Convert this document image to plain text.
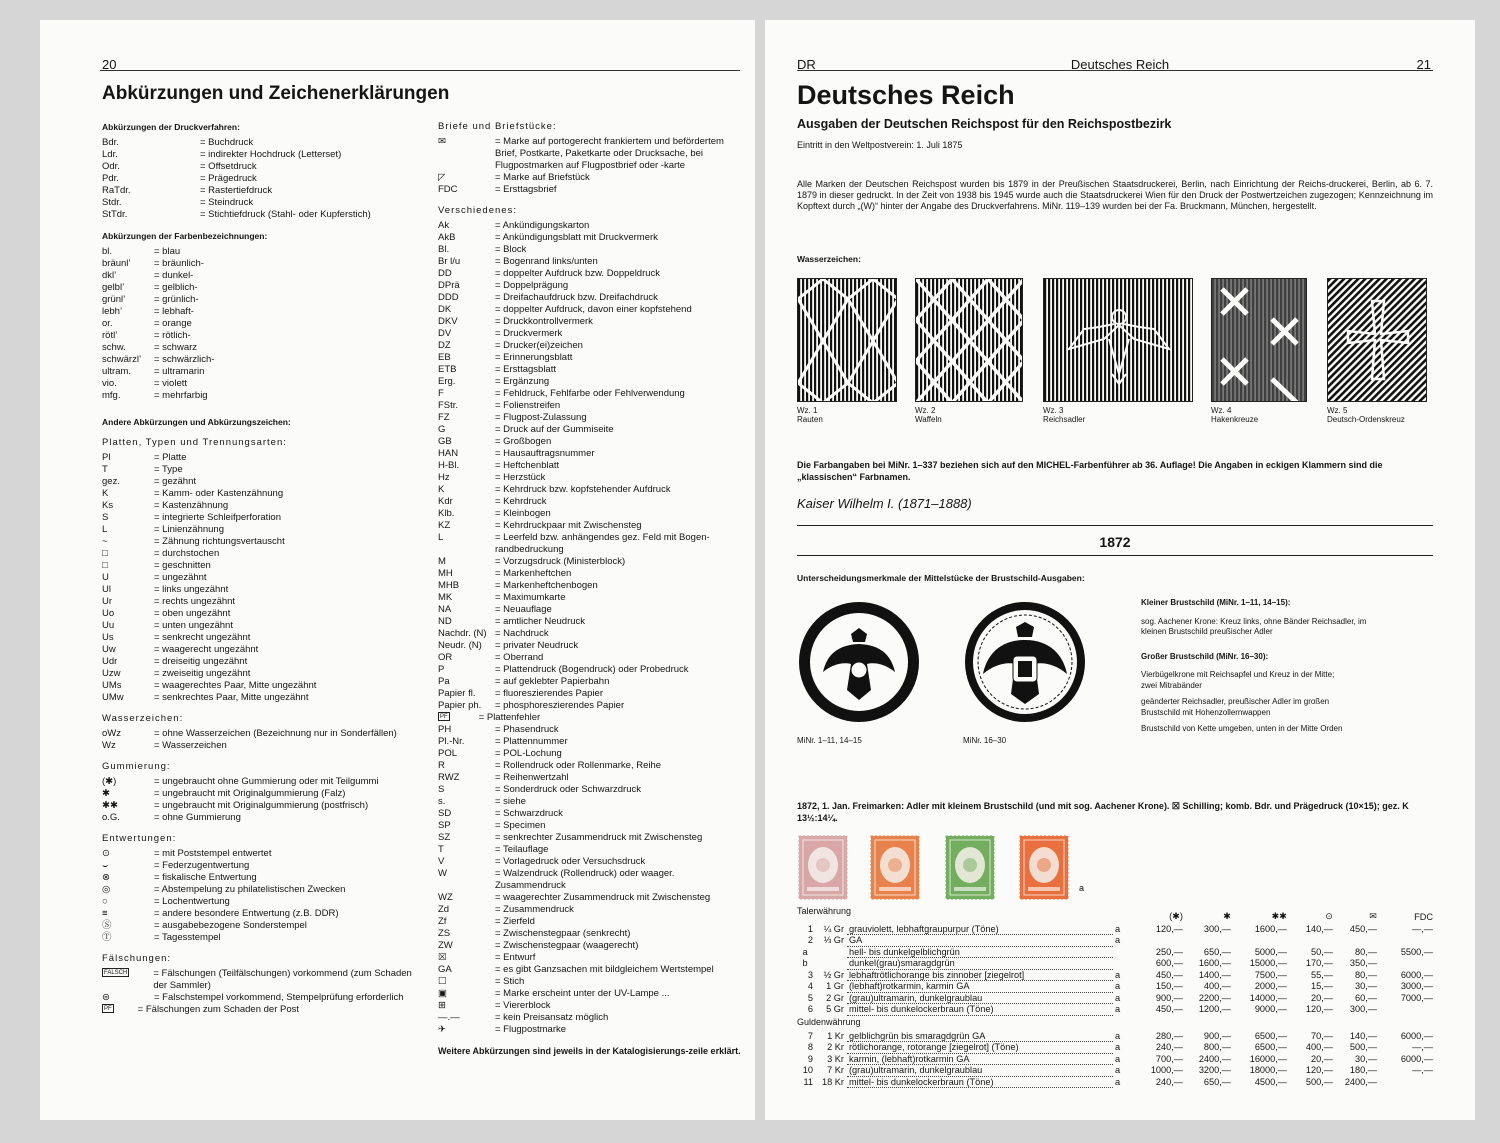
20
Abkürzungen und Zeichenerklärungen
Abkürzungen der Druckverfahren:
Bdr.	= Buchdruck
Ldr.	= indirekter Hochdruck (Letterset)
Odr.	= Offsetdruck
Pdr.	= Prägedruck
RaTdr.	= Rastertiefdruck
Stdr.	= Steindruck
StTdr.	= Stichtiefdruck (Stahl- oder Kupferstich)
Abkürzungen der Farbenbezeichnungen:
bl.	= blau
bräunl’	= bräunlich-
dkl’	= dunkel-
gelbl’	= gelblich-
grünl’	= grünlich-
lebh’	= lebhaft-
or.	= orange
rötl’	= rötlich-
schw.	= schwarz
schwärzl’	= schwärzlich-
ultram.	= ultramarin
vio.	= violett
mfg.	= mehrfarbig
Andere Abkürzungen und Abkürzungszeichen:
Platten, Typen und Trennungsarten:
Pl	= Platte
T	= Type
gez.	= gezähnt
K	= Kamm- oder Kastenzähnung
Ks	= Kastenzähnung
S	= integrierte Schleifperforation
L	= Linienzähnung
~	= Zähnung richtungsvertauscht
□	= durchstochen
□	= geschnitten
U	= ungezähnt
Ul	= links ungezähnt
Ur	= rechts ungezähnt
Uo	= oben ungezähnt
Uu	= unten ungezähnt
Us	= senkrecht ungezähnt
Uw	= waagerecht ungezähnt
Udr	= dreiseitig ungezähnt
Uzw	= zweiseitig ungezähnt
UMs	= waagerechtes Paar, Mitte ungezähnt
UMw	= senkrechtes Paar, Mitte ungezähnt
Wasserzeichen:
oWz	= ohne Wasserzeichen (Bezeichnung nur in Sonderfällen)
Wz	= Wasserzeichen
Gummierung:
(✱)	= ungebraucht ohne Gummierung oder mit Teilgummi
✱	= ungebraucht mit Originalgummierung (Falz)
✱✱	= ungebraucht mit Originalgummierung (postfrisch)
o.G.	= ohne Gummierung
Entwertungen:
⊙	= mit Poststempel entwertet
⌣	= Federzugentwertung
⊗	= fiskalische Entwertung
◎	= Abstempelung zu philatelistischen Zwecken
○	= Lochentwertung
≡	= andere besondere Entwertung (z.B. DDR)
Ⓢ	= ausgabebezogene Sonderstempel
Ⓣ	= Tagesstempel
Fälschungen:
FALSCH	= Fälschungen (Teilfälschungen) vorkommend (zum Schaden der Sammler)
⊜	= Falschstempel vorkommend, Stempelprüfung erforderlich
PF	= Fälschungen zum Schaden der Post
Briefe und Briefstücke:
✉	= Marke auf portogerecht frankiertem und befördertem Brief, Postkarte, Paketkarte oder Drucksache, bei Flugpostmarken auf Flugpostbrief oder -karte
◸	= Marke auf Briefstück
FDC	= Ersttagsbrief
Verschiedenes:
Ak	= Ankündigungskarton
AkB	= Ankündigungsblatt mit Druckvermerk
Bl.	= Block
Br l/u	= Bogenrand links/unten
DD	= doppelter Aufdruck bzw. Doppeldruck
DPrä	= Doppelprägung
DDD	= Dreifachaufdruck bzw. Dreifachdruck
DK	= doppelter Aufdruck, davon einer kopfstehend
DKV	= Druckkontrollvermerk
DV	= Druckvermerk
DZ	= Drucker(ei)zeichen
EB	= Erinnerungsblatt
ETB	= Ersttagsblatt
Erg.	= Ergänzung
F	= Fehldruck, Fehlfarbe oder Fehlverwendung
FStr.	= Folienstreifen
FZ	= Flugpost-Zulassung
G	= Druck auf der Gummiseite
GB	= Großbogen
HAN	= Hausauftragsnummer
H-Bl.	= Heftchenblatt
Hz	= Herzstück
K	= Kehrdruck bzw. kopfstehender Aufdruck
Kdr	= Kehrdruck
Klb.	= Kleinbogen
KZ	= Kehrdruckpaar mit Zwischensteg
L	= Leerfeld bzw. anhängendes gez. Feld mit Bogen-randbedruckung
M	= Vorzugsdruck (Ministerblock)
MH	= Markenheftchen
MHB	= Markenheftchenbogen
MK	= Maximumkarte
NA	= Neuauflage
ND	= amtlicher Neudruck
Nachdr. (N) = Nachdruck
Neudr. (N)	= privater Neudruck
OR	= Oberrand
P	= Plattendruck (Bogendruck) oder Probedruck
Pa	= auf geklebter Papierbahn
Papier fl.	= fluoreszierendes Papier
Papier ph.	= phosphoreszierendes Papier
PF	= Plattenfehler
PH	= Phasendruck
Pl.-Nr.	= Plattennummer
POL	= POL-Lochung
R	= Rollendruck oder Rollenmarke, Reihe
RWZ	= Reihenwertzahl
S	= Sonderdruck oder Schwarzdruck
s.	= siehe
SD	= Schwarzdruck
SP	= Specimen
SZ	= senkrechter Zusammendruck mit Zwischensteg
T	= Teilauflage
V	= Vorlagedruck oder Versuchsdruck
W	= Walzendruck (Rollendruck) oder waager. Zusammendruck
WZ	= waagerechter Zusammendruck mit Zwischensteg
Zd	= Zusammendruck
Zf	= Zierfeld
ZS	= Zwischenstegpaar (senkrecht)
ZW	= Zwischenstegpaar (waagerecht)
☒	= Entwurf
GA	= es gibt Ganzsachen mit bildgleichem Wertstempel
☐	= Stich
▣	= Marke erscheint unter der UV-Lampe ...
⊞	= Viererblock
—.—	= kein Preisansatz möglich
✈	= Flugpostmarke
Weitere Abkürzungen sind jeweils in der Katalogisierungs-zeile erklärt.
DR	Deutsches Reich	21
Deutsches Reich
Ausgaben der Deutschen Reichspost für den Reichspostbezirk
Eintritt in den Weltpostverein: 1. Juli 1875
Alle Marken der Deutschen Reichspost wurden bis 1879 in der Preußischen Staatsdruckerei, Berlin, nach Einrichtung der Reichs-druckerei, Berlin, ab 6. 7. 1879 in dieser gedruckt. In der Zeit von 1938 bis 1945 wurde auch die Staatsdruckerei Wien für den Druck der Postwertzeichen zugezogen; Kennzeichnung im Kopftext durch „(W)“ hinter der Angabe des Druckverfahrens. MiNr. 119–139 wurden bei der Fa. Bruckmann, München, hergestellt.
Wasserzeichen:
Wz. 1
Rauten
Wz. 2
Waffeln
Wz. 3
Reichsadler
Wz. 4
Hakenkreuze
Wz. 5
Deutsch-Ordenskreuz
Die Farbangaben bei MiNr. 1–337 beziehen sich auf den MICHEL-Farbenführer ab 36. Auflage! Die Angaben in eckigen Klammern sind die „klassischen“ Farbnamen.
Kaiser Wilhelm I. (1871–1888)
1872
Unterscheidungsmerkmale der Mittelstücke der Brustschild-Ausgaben:
MiNr. 1–11, 14–15	MiNr. 16–30
Kleiner Brustschild (MiNr. 1–11, 14–15):
sog. Aachener Krone: Kreuz links, ohne Bänder Reichsadler, im kleinen Brustschild preußischer Adler
Großer Brustschild (MiNr. 16–30):
Vierbügelkrone mit Reichsapfel und Kreuz in der Mitte; zwei Mitrabänder
geänderter Reichsadler, preußischer Adler im großen Brustschild mit Hohenzollernwappen
Brustschild von Kette umgeben, unten in der Mitte Orden
1872, 1. Jan. Freimarken: Adler mit kleinem Brustschild (und mit sog. Aachener Krone). ☒ Schilling; komb. Bdr. und Prägedruck (10×15); gez. K 13½:14¼.
a
Talerwährung
				(✱)	✱	✱✱	⊙	✉	FDC
1	¼ Gr	grauviolett, lebhaftgraupurpur (Töne)	a	120,—	300,—	1600,—	140,—	450,—	—,—
2	⅓ Gr	GA	a						
a		hell- bis dunkelgelblichgrün		250,—	650,—	5000,—	50,—	80,—	5500,—
b		dunkel(grau)smaragdgrün		600,—	1600,—	15000,—	170,—	350,—	
3	½ Gr	lebhaftrötlichorange bis zinnober [ziegelrot]	a	450,—	1400,—	7500,—	55,—	80,—	6000,—
4	1 Gr	(lebhaft)rotkarmin, karmin GA	a	150,—	400,—	2000,—	15,—	30,—	3000,—
5	2 Gr	(grau)ultramarin, dunkelgraublau	a	900,—	2200,—	14000,—	20,—	60,—	7000,—
6	5 Gr	mittel- bis dunkelockerbraun (Töne)	a	450,—	1200,—	9000,—	120,—	300,—	
Guldenwährung
7	1 Kr	gelblichgrün bis smaragdgrün GA	a	280,—	900,—	6500,—	70,—	140,—	6000,—
8	2 Kr	rötlichorange, rotorange [ziegelrot] (Töne)	a	240,—	800,—	6500,—	400,—	500,—	—,—
9	3 Kr	karmin, (lebhaft)rotkarmin GA	a	700,—	2400,—	16000,—	20,—	30,—	6000,—
10	7 Kr	(grau)ultramarin, dunkelgraublau	a	1000,—	3200,—	18000,—	120,—	180,—	—,—
11	18 Kr	mittel- bis dunkelockerbraun (Töne)	a	240,—	650,—	4500,—	500,—	2400,—	
